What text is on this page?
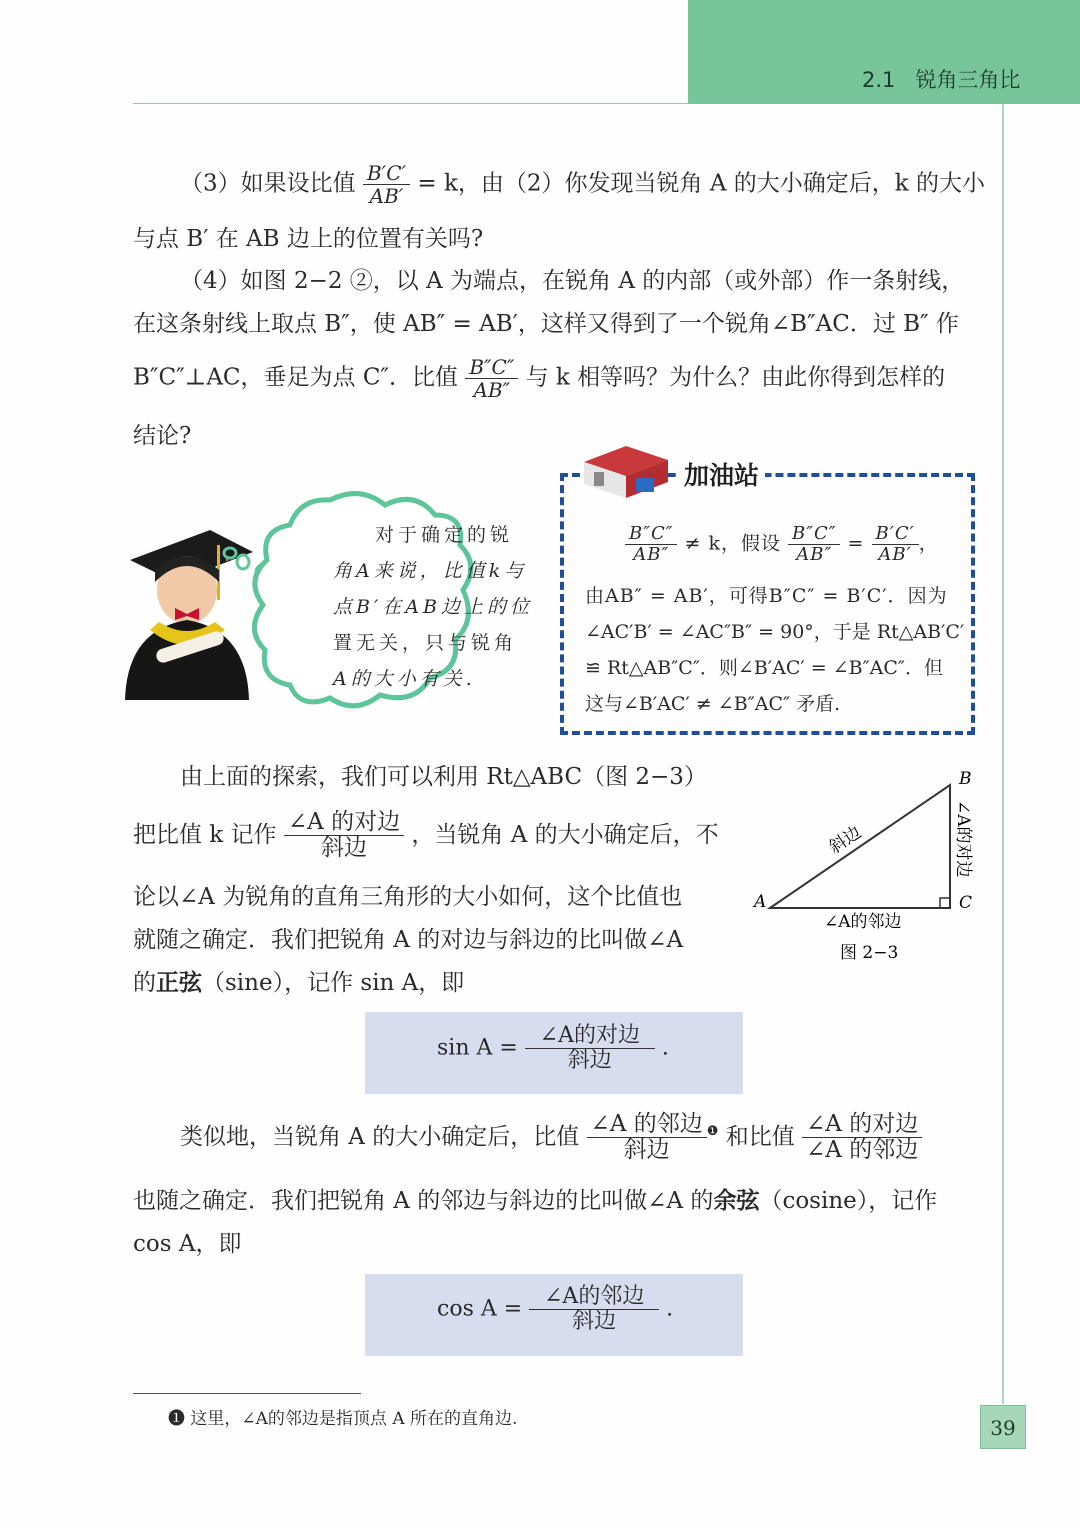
2.1 锐角三角比
（3）如果设比值 $\frac{B'C'}{AB'} = k$，由（2）你发现当锐角 A 的大小确定后，k 的大小
与点 B′ 在 AB 边上的位置有关吗?
（4）如图 2−2 ②，以 A 为端点，在锐角 A 的内部（或外部）作一条射线，
在这条射线上取点 B″，使 AB″ = AB′，这样又得到了一个锐角∠B″AC．过 B″ 作
B″C″⊥AC，垂足为点 C″．比值 $\frac{B''C''}{AB''}$ 与 k 相等吗？为什么？由此你得到怎样的
结论?
对于确定的锐
角A来说，比值k与
点B′在AB边上的位
置无关，只与锐角
A的大小有关.
加油站
$\frac{B''C''}{AB''} \ne k$，假设 $\frac{B''C''}{AB''} = \frac{B'C'}{AB'}$ ，
由AB″ = AB′，可得B″C″ = B′C′．因为
∠AC′B′ = ∠AC″B″ = 90°，于是 Rt△AB′C′
≌ Rt△AB″C″．则∠B′AC′ = ∠B″AC″．但
这与∠B′AC′ ≠ ∠B″AC″ 矛盾.
由上面的探索，我们可以利用 Rt△ABC（图 2−3）
把比值 k 记作 $\frac{\text{∠A 的对边}}{\text{斜边}}$ ，当锐角 A 的大小确定后，不
论以∠A 为锐角的直角三角形的大小如何，这个比值也
就随之确定．我们把锐角 A 的对边与斜边的比叫做∠A
的正弦（sine），记作 sin A，即
A
B
C
斜边	∠A的对边
∠A的邻边
图 2−3
$\sin A = \frac{\text{∠A的对边}}{\text{斜边}}$ .
类似地，当锐角 A 的大小确定后，比值 $\frac{\text{∠A 的邻边}}{\text{斜边}} ^❶$ 和比值 $\frac{\text{∠A 的对边}}{\text{∠A 的邻边}}$
也随之确定．我们把锐角 A 的邻边与斜边的比叫做∠A 的余弦（cosine），记作
cos A，即
$\cos A = \frac{\text{∠A的邻边}}{\text{斜边}}$ .
❶ 这里，∠A的邻边是指顶点 A 所在的直角边.	39
